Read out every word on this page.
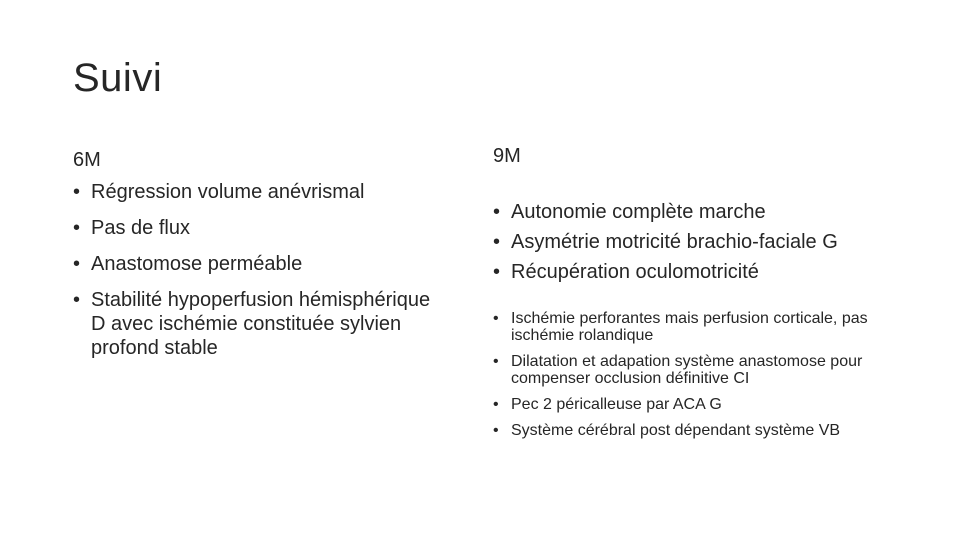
Suivi
6M
• Régression volume anévrismal
• Pas de flux
• Anastomose perméable
• Stabilité hypoperfusion hémisphérique D avec ischémie constituée sylvien profond stable
9M
• Autonomie complète marche
• Asymétrie motricité brachio-faciale G
• Récupération oculomotricité
• Ischémie perforantes mais perfusion corticale, pas ischémie rolandique
• Dilatation et adapation système anastomose pour compenser occlusion définitive CI
• Pec 2 péricalleuse par ACA G
• Système cérébral post dépendant système VB
